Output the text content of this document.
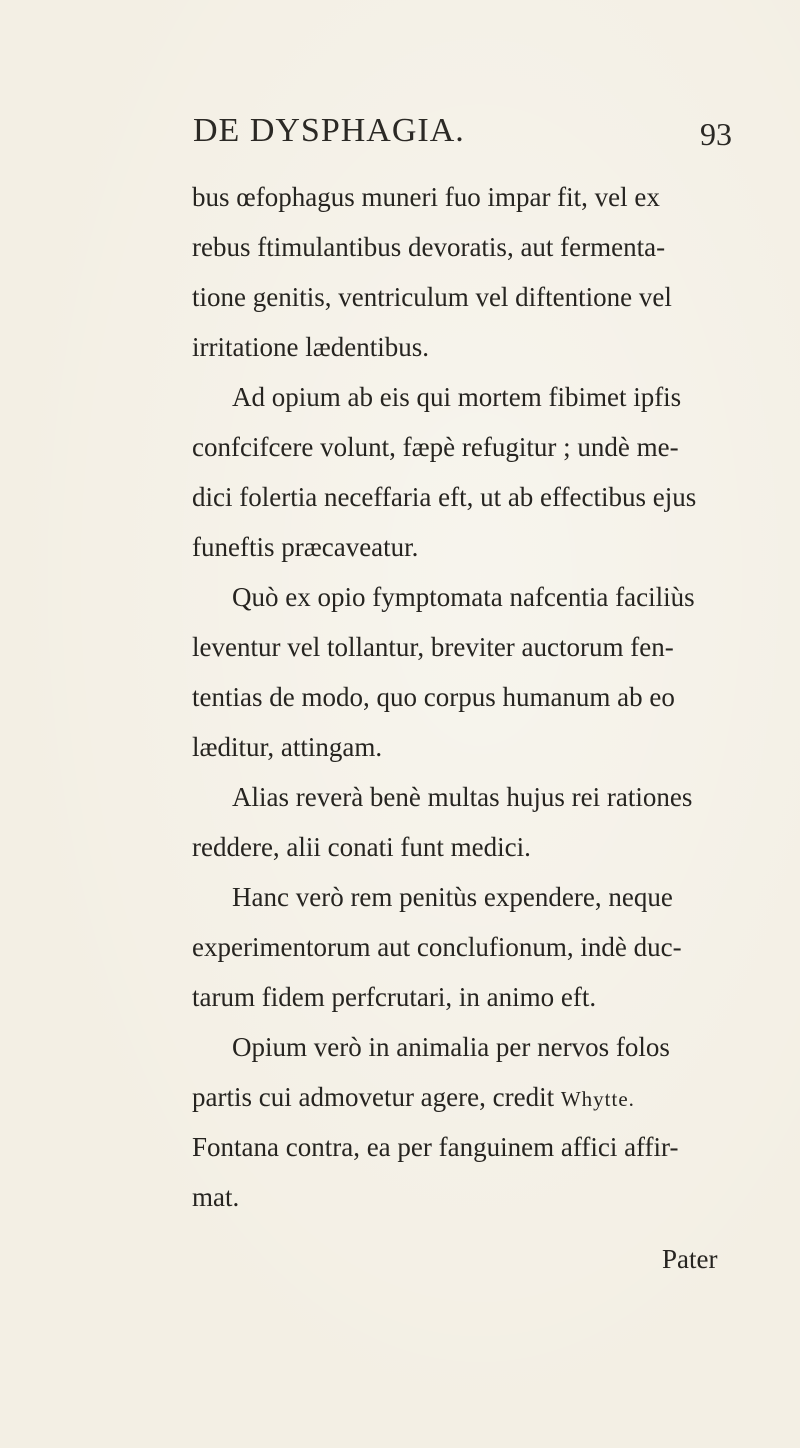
DE DYSPHAGIA.	93
bus œfophagus muneri fuo impar fit, vel ex
rebus ftimulantibus devoratis, aut fermenta-
tione genitis, ventriculum vel diftentione vel
irritatione lædentibus.
Ad opium ab eis qui mortem fibimet ipfis
confcifcere volunt, fæpè refugitur ; undè me-
dici folertia neceffaria eft, ut ab effectibus ejus
funeftis præcaveatur.
Quò ex opio fymptomata nafcentia faciliùs
leventur vel tollantur, breviter auctorum fen-
tentias de modo, quo corpus humanum ab eo
læditur, attingam.
Alias reverà benè multas hujus rei rationes
reddere, alii conati funt medici.
Hanc verò rem penitùs expendere, neque
experimentorum aut conclufionum, indè duc-
tarum fidem perfcrutari, in animo eft.
Opium verò in animalia per nervos folos
partis cui admovetur agere, credit Whytte.
Fontana contra, ea per fanguinem affici affir-
mat.
Pater
